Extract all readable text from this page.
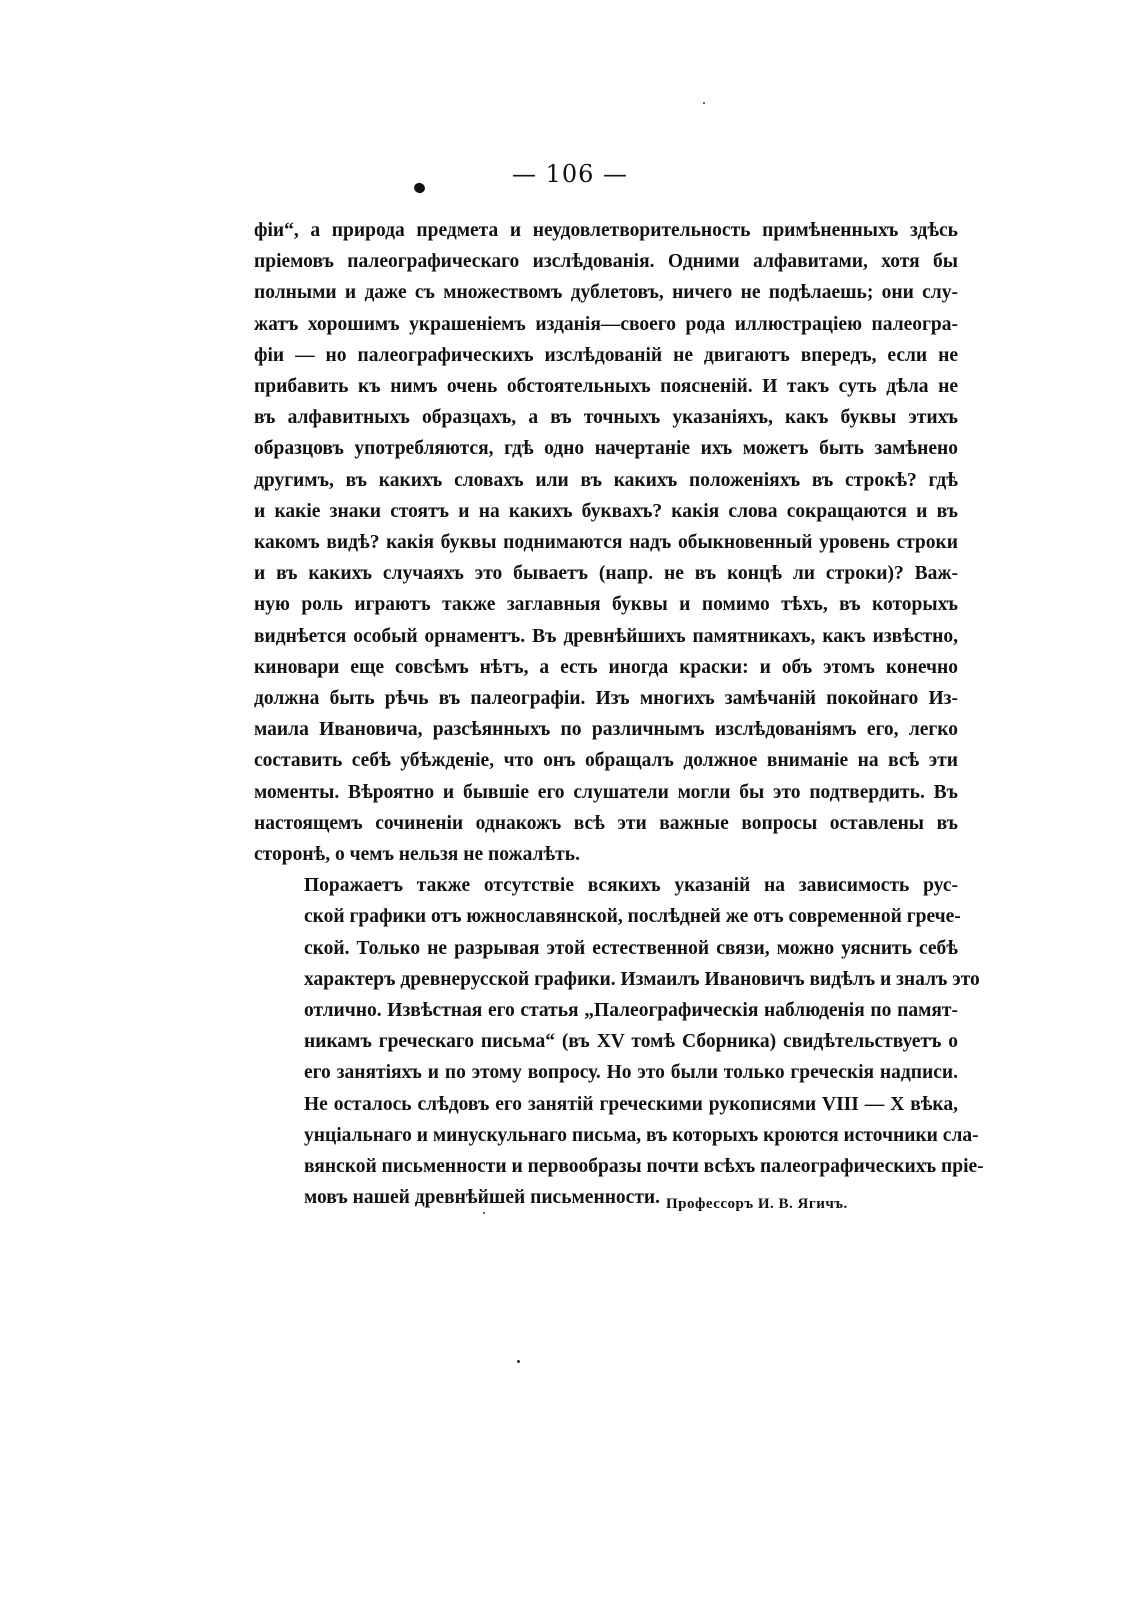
— 106 —

фіи“, а природа предмета и неудовлетворительность примѣненныхъ здѣсь
пріемовъ палеографическаго изслѣдованія. Одними алфавитами, хотя бы
полными и даже съ множествомъ дублетовъ, ничего не подѣлаешь; они слу-
жатъ хорошимъ украшеніемъ изданія—своего рода иллюстраціею палеогра-
фіи — но палеографическихъ изслѣдованій не двигаютъ впередъ, если не
прибавить къ нимъ очень обстоятельныхъ поясненій. И такъ суть дѣла не
въ алфавитныхъ образцахъ, а въ точныхъ указаніяхъ, какъ буквы этихъ
образцовъ употребляются, гдѣ одно начертаніе ихъ можетъ быть замѣнено
другимъ, въ какихъ словахъ или въ какихъ положеніяхъ въ строкѣ? гдѣ
и какіе знаки стоятъ и на какихъ буквахъ? какія слова сокращаются и въ
какомъ видѣ? какія буквы поднимаются надъ обыкновенный уровень строки
и въ какихъ случаяхъ это бываетъ (напр. не въ концѣ ли строки)? Важ-
ную роль играютъ также заглавныя буквы и помимо тѣхъ, въ которыхъ
виднѣется особый орнаментъ. Въ древнѣйшихъ памятникахъ, какъ извѣстно,
киновари еще совсѣмъ нѣтъ, а есть иногда краски: и объ этомъ конечно
должна быть рѣчь въ палеографіи. Изъ многихъ замѣчаній покойнаго Из-
маила Ивановича, разсѣянныхъ по различнымъ изслѣдованіямъ его, легко
составить себѣ убѣжденіе, что онъ обращалъ должное вниманіе на всѣ эти
моменты. Вѣроятно и бывшіе его слушатели могли бы это подтвердить. Въ
настоящемъ сочиненіи однакожъ всѣ эти важные вопросы оставлены въ
сторонѣ, о чемъ нельзя не пожалѣть.

Поражаетъ также отсутствіе всякихъ указаній на зависимость рус-
ской графики отъ южнославянской, послѣдней же отъ современной грече-
ской. Только не разрывая этой естественной связи, можно уяснить себѣ
характеръ древнерусской графики. Измаилъ Ивановичъ видѣлъ и зналъ это
отлично. Извѣстная его статья „Палеографическія наблюденія по памят-
никамъ греческаго письма“ (въ XV томѣ Сборника) свидѣтельствуетъ о
его занятіяхъ и по этому вопросу. Но это были только греческія надписи.
Не осталось слѣдовъ его занятій греческими рукописями VIII — X вѣка,
унціальнаго и минускульнаго письма, въ которыхъ кроются источники сла-
вянской письменности и первообразы почти всѣхъ палеографическихъ пріе-
мовъ нашей древнѣйшей письменности. Профессоръ И. В. Ягичъ.
